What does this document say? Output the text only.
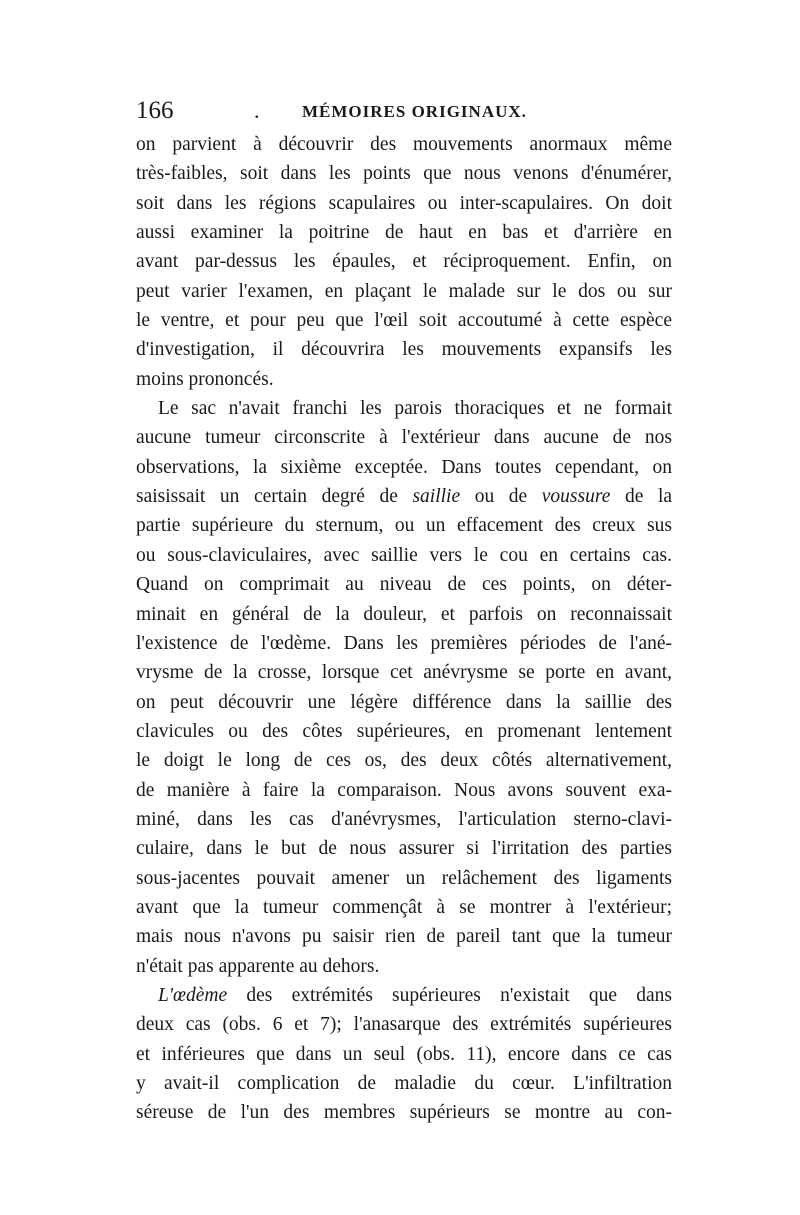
166	.	MÉMOIRES ORIGINAUX.
on parvient à découvrir des mouvements anormaux même
très-faibles, soit dans les points que nous venons d'énumérer,
soit dans les régions scapulaires ou inter-scapulaires. On doit
aussi examiner la poitrine de haut en bas et d'arrière en
avant par-dessus les épaules, et réciproquement. Enfin, on
peut varier l'examen, en plaçant le malade sur le dos ou sur
le ventre, et pour peu que l'œil soit accoutumé à cette espèce
d'investigation, il découvrira les mouvements expansifs les
moins prononcés.
Le sac n'avait franchi les parois thoraciques et ne formait
aucune tumeur circonscrite à l'extérieur dans aucune de nos
observations, la sixième exceptée. Dans toutes cependant, on
saisissait un certain degré de saillie ou de voussure de la
partie supérieure du sternum, ou un effacement des creux sus
ou sous-claviculaires, avec saillie vers le cou en certains cas.
Quand on comprimait au niveau de ces points, on déter-
minait en général de la douleur, et parfois on reconnaissait
l'existence de l'œdème. Dans les premières périodes de l'ané-
vrysme de la crosse, lorsque cet anévrysme se porte en avant,
on peut découvrir une légère différence dans la saillie des
clavicules ou des côtes supérieures, en promenant lentement
le doigt le long de ces os, des deux côtés alternativement,
de manière à faire la comparaison. Nous avons souvent exa-
miné, dans les cas d'anévrysmes, l'articulation sterno-clavi-
culaire, dans le but de nous assurer si l'irritation des parties
sous-jacentes pouvait amener un relâchement des ligaments
avant que la tumeur commençât à se montrer à l'extérieur;
mais nous n'avons pu saisir rien de pareil tant que la tumeur
n'était pas apparente au dehors.
L'œdème des extrémités supérieures n'existait que dans
deux cas (obs. 6 et 7); l'anasarque des extrémités supérieures
et inférieures que dans un seul (obs. 11), encore dans ce cas
y avait-il complication de maladie du cœur. L'infiltration
séreuse de l'un des membres supérieurs se montre au con-
